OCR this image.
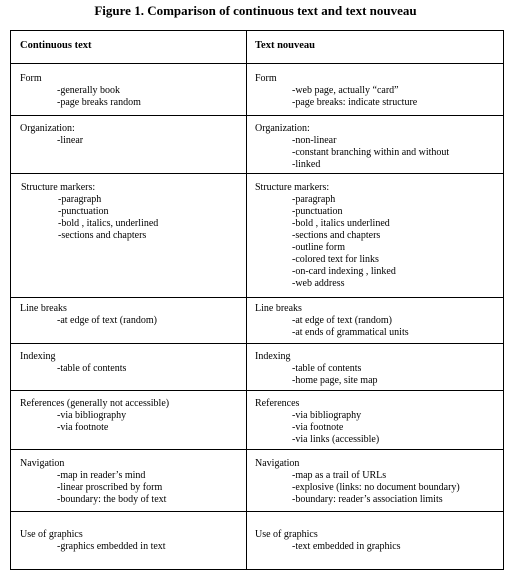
Figure 1. Comparison of continuous text and text nouveau
Continuous text	Text nouveau
Form
-generally book
-page breaks random
Form
-web page, actually “card”
-page breaks: indicate structure
Organization:
-linear
Organization:
-non-linear
-constant branching within and without
-linked
Structure markers:
-paragraph
-punctuation
-bold , italics, underlined
-sections and chapters
Structure markers:
-paragraph
-punctuation
-bold , italics underlined
-sections and chapters
-outline form
-colored text for links
-on-card indexing , linked
-web address
Line breaks
-at edge of text (random)
Line breaks
-at edge of text (random)
-at ends of grammatical units
Indexing
-table of contents
Indexing
-table of contents
-home page, site map
References (generally not accessible)
-via bibliography
-via footnote
References
-via bibliography
-via footnote
-via links (accessible)
Navigation
-map in reader’s mind
-linear proscribed by form
-boundary: the body of text
Navigation
-map as a trail of URLs
-explosive (links: no document boundary)
-boundary: reader’s association limits
Use of graphics
-graphics embedded in text
Use of graphics
-text embedded in graphics
